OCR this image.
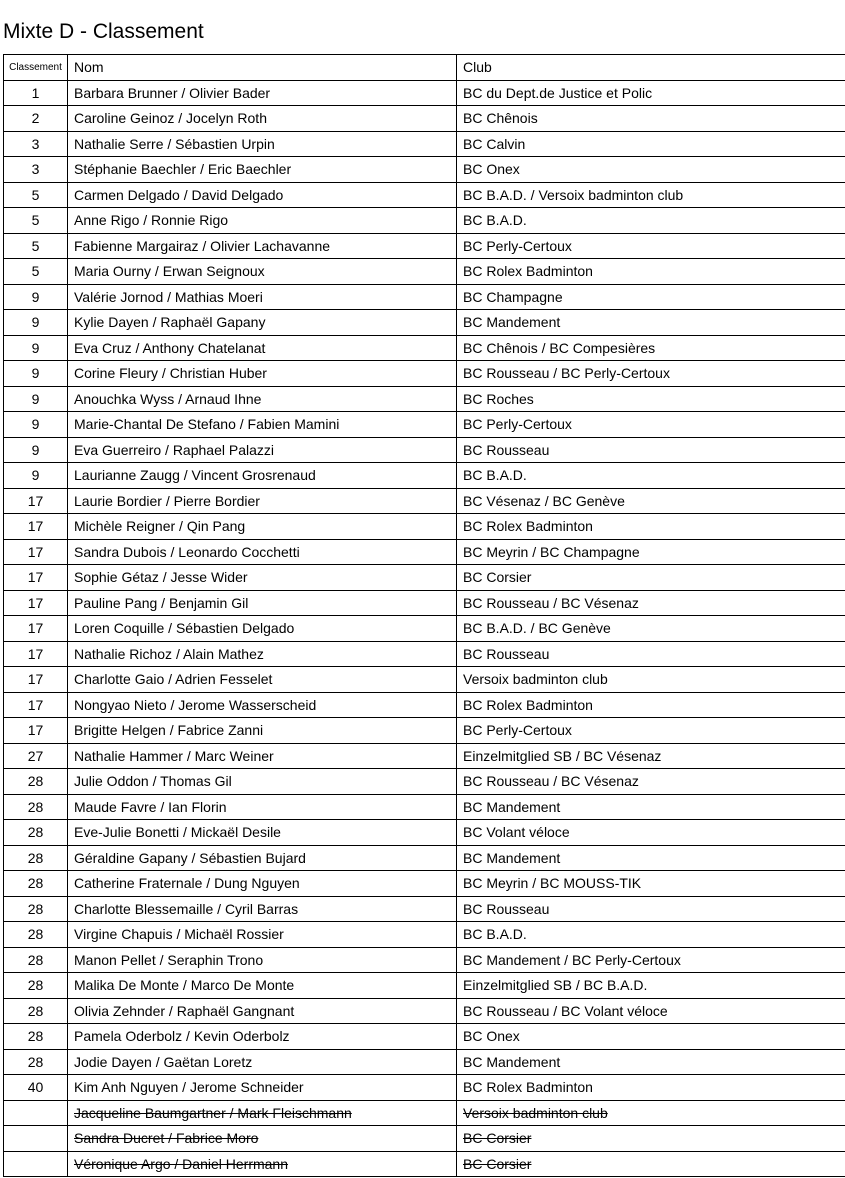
Mixte D - Classement
Classement	Nom	Club
1	Barbara Brunner / Olivier Bader	BC du Dept.de Justice et Polic
2	Caroline Geinoz / Jocelyn Roth	BC Chênois
3	Nathalie Serre / Sébastien Urpin	BC Calvin
3	Stéphanie Baechler / Eric Baechler	BC Onex
5	Carmen Delgado / David Delgado	BC B.A.D. / Versoix badminton club
5	Anne Rigo / Ronnie Rigo	BC B.A.D.
5	Fabienne Margairaz / Olivier Lachavanne	BC Perly-Certoux
5	Maria Ourny / Erwan Seignoux	BC Rolex Badminton
9	Valérie Jornod / Mathias Moeri	BC Champagne
9	Kylie Dayen / Raphaël Gapany	BC Mandement
9	Eva Cruz / Anthony Chatelanat	BC Chênois / BC Compesières
9	Corine Fleury / Christian Huber	BC Rousseau / BC Perly-Certoux
9	Anouchka Wyss / Arnaud Ihne	BC Roches
9	Marie-Chantal De Stefano / Fabien Mamini	BC Perly-Certoux
9	Eva Guerreiro / Raphael Palazzi	BC Rousseau
9	Laurianne Zaugg / Vincent Grosrenaud	BC B.A.D.
17	Laurie Bordier / Pierre Bordier	BC Vésenaz / BC Genève
17	Michèle Reigner / Qin Pang	BC Rolex Badminton
17	Sandra Dubois / Leonardo Cocchetti	BC Meyrin / BC Champagne
17	Sophie Gétaz / Jesse Wider	BC Corsier
17	Pauline Pang / Benjamin Gil	BC Rousseau / BC Vésenaz
17	Loren Coquille / Sébastien Delgado	BC B.A.D. / BC Genève
17	Nathalie Richoz / Alain Mathez	BC Rousseau
17	Charlotte Gaio / Adrien Fesselet	Versoix badminton club
17	Nongyao Nieto / Jerome Wasserscheid	BC Rolex Badminton
17	Brigitte Helgen / Fabrice Zanni	BC Perly-Certoux
27	Nathalie Hammer / Marc Weiner	Einzelmitglied SB / BC Vésenaz
28	Julie Oddon / Thomas Gil	BC Rousseau / BC Vésenaz
28	Maude Favre / Ian Florin	BC Mandement
28	Eve-Julie Bonetti / Mickaël Desile	BC Volant véloce
28	Géraldine Gapany / Sébastien Bujard	BC Mandement
28	Catherine Fraternale / Dung Nguyen	BC Meyrin / BC MOUSS-TIK
28	Charlotte Blessemaille / Cyril Barras	BC Rousseau
28	Virgine Chapuis / Michaël Rossier	BC B.A.D.
28	Manon Pellet / Seraphin Trono	BC Mandement / BC Perly-Certoux
28	Malika De Monte / Marco De Monte	Einzelmitglied SB / BC B.A.D.
28	Olivia Zehnder / Raphaël Gangnant	BC Rousseau / BC Volant véloce
28	Pamela Oderbolz / Kevin Oderbolz	BC Onex
28	Jodie Dayen / Gaëtan Loretz	BC Mandement
40	Kim Anh Nguyen / Jerome Schneider	BC Rolex Badminton
	Jacqueline Baumgartner / Mark Fleischmann	Versoix badminton club
	Sandra Ducret / Fabrice Moro	BC Corsier
	Véronique Argo / Daniel Herrmann	BC Corsier
